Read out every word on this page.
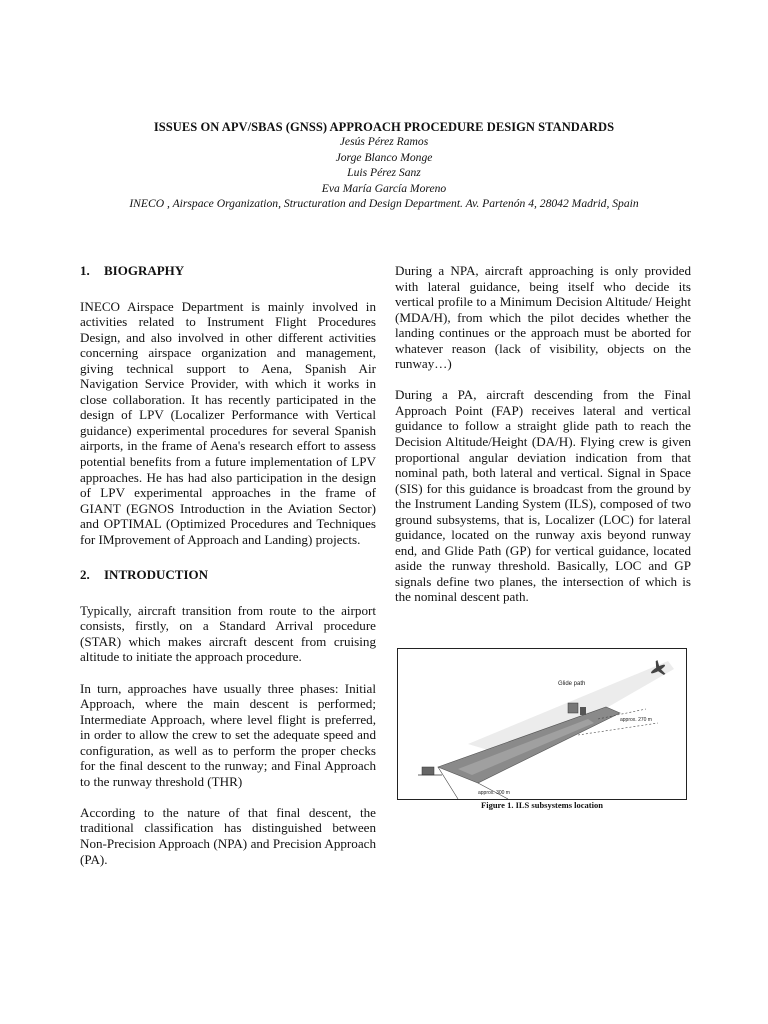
ISSUES ON APV/SBAS (GNSS) APPROACH PROCEDURE DESIGN STANDARDS
Jesús Pérez Ramos
Jorge Blanco Monge
Luis Pérez Sanz
Eva María García Moreno
INECO , Airspace Organization, Structuration and Design Department. Av. Partenón 4, 28042 Madrid, Spain
1. BIOGRAPHY

INECO Airspace Department is mainly involved in activities related to Instrument Flight Procedures Design, and also involved in other different activities concerning airspace organization and management, giving technical support to Aena, Spanish Air Navigation Service Provider, with which it works in close collaboration. It has recently participated in the design of LPV (Localizer Performance with Vertical guidance) experimental procedures for several Spanish airports, in the frame of Aena's research effort to assess potential benefits from a future implementation of LPV approaches. He has had also participation in the design of LPV experimental approaches in the frame of GIANT (EGNOS Introduction in the Aviation Sector) and OPTIMAL (Optimized Procedures and Techniques for IMprovement of Approach and Landing) projects.

2. INTRODUCTION

Typically, aircraft transition from route to the airport consists, firstly, on a Standard Arrival procedure (STAR) which makes aircraft descent from cruising altitude to initiate the approach procedure.

In turn, approaches have usually three phases: Initial Approach, where the main descent is performed; Intermediate Approach, where level flight is preferred, in order to allow the crew to set the adequate speed and configuration, as well as to perform the proper checks for the final descent to the runway; and Final Approach to the runway threshold (THR)

According to the nature of that final descent, the traditional classification has distinguished between Non-Precision Approach (NPA) and Precision Approach (PA).

During a NPA, aircraft approaching is only provided with lateral guidance, being itself who decide its vertical profile to a Minimum Decision Altitude/ Height (MDA/H), from which the pilot decides whether the landing continues or the approach must be aborted for whatever reason (lack of visibility, objects on the runway…)

During a PA, aircraft descending from the Final Approach Point (FAP) receives lateral and vertical guidance to follow a straight glide path to reach the Decision Altitude/Height (DA/H). Flying crew is given proportional angular deviation indication from that nominal path, both lateral and vertical. Signal in Space (SIS) for this guidance is broadcast from the ground by the Instrument Landing System (ILS), composed of two ground subsystems, that is, Localizer (LOC) for lateral guidance, located on the runway axis beyond runway end, and Glide Path (GP) for vertical guidance, located aside the runway threshold. Basically, LOC and GP signals define two planes, the intersection of which is the nominal descent path.

Glide path
approx. 270 m
approx. 300 m
Figure 1. ILS subsystems location
